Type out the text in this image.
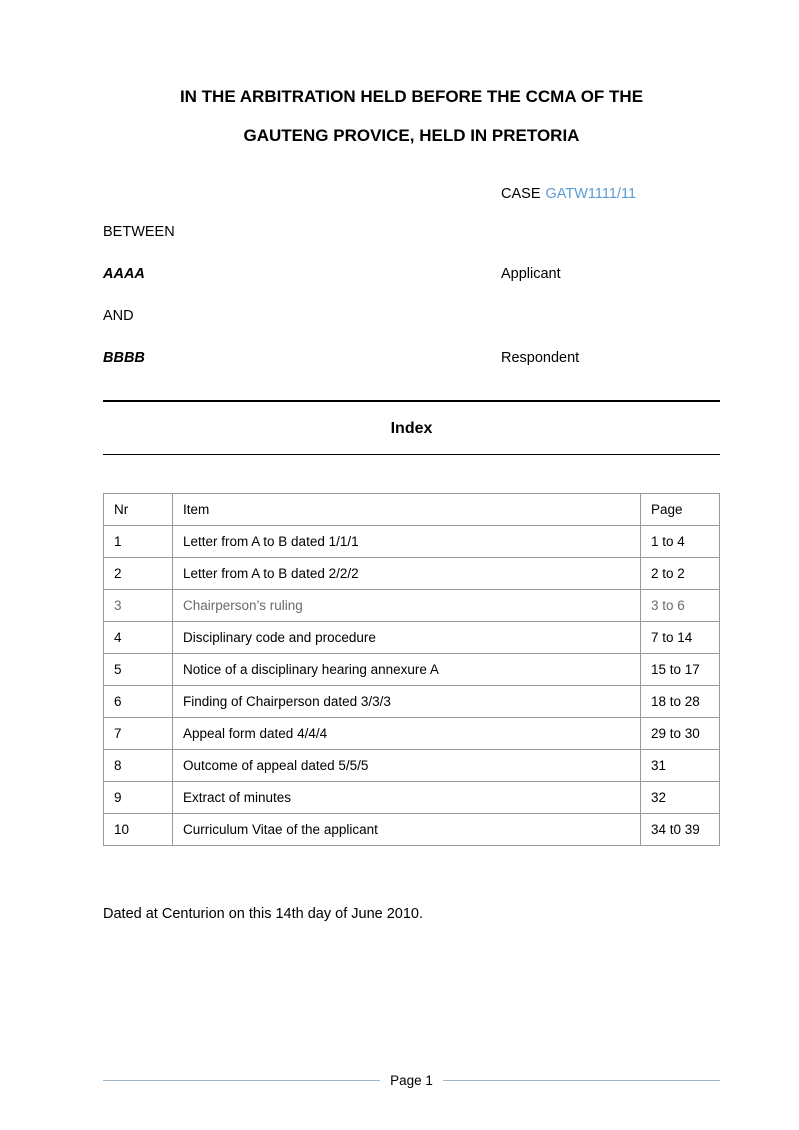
IN THE ARBITRATION HELD BEFORE THE CCMA OF THE
GAUTENG PROVICE, HELD IN PRETORIA
CASE GATW1111/11
BETWEEN
AAAA	Applicant
AND
BBBB	Respondent
Index
Nr	Item	Page
1	Letter from A to B dated 1/1/1	1 to 4
2	Letter from A to B dated 2/2/2	2 to 2
3	Chairperson’s ruling	3 to 6
4	Disciplinary code and procedure	7 to 14
5	Notice of a disciplinary hearing annexure A	15 to 17
6	Finding of Chairperson dated 3/3/3	18 to 28
7	Appeal form dated 4/4/4	29 to 30
8	Outcome of appeal dated 5/5/5	31
9	Extract of minutes	32
10	Curriculum Vitae of the applicant	34 t0 39
Dated at Centurion on this 14th day of June 2010.
Page 1
